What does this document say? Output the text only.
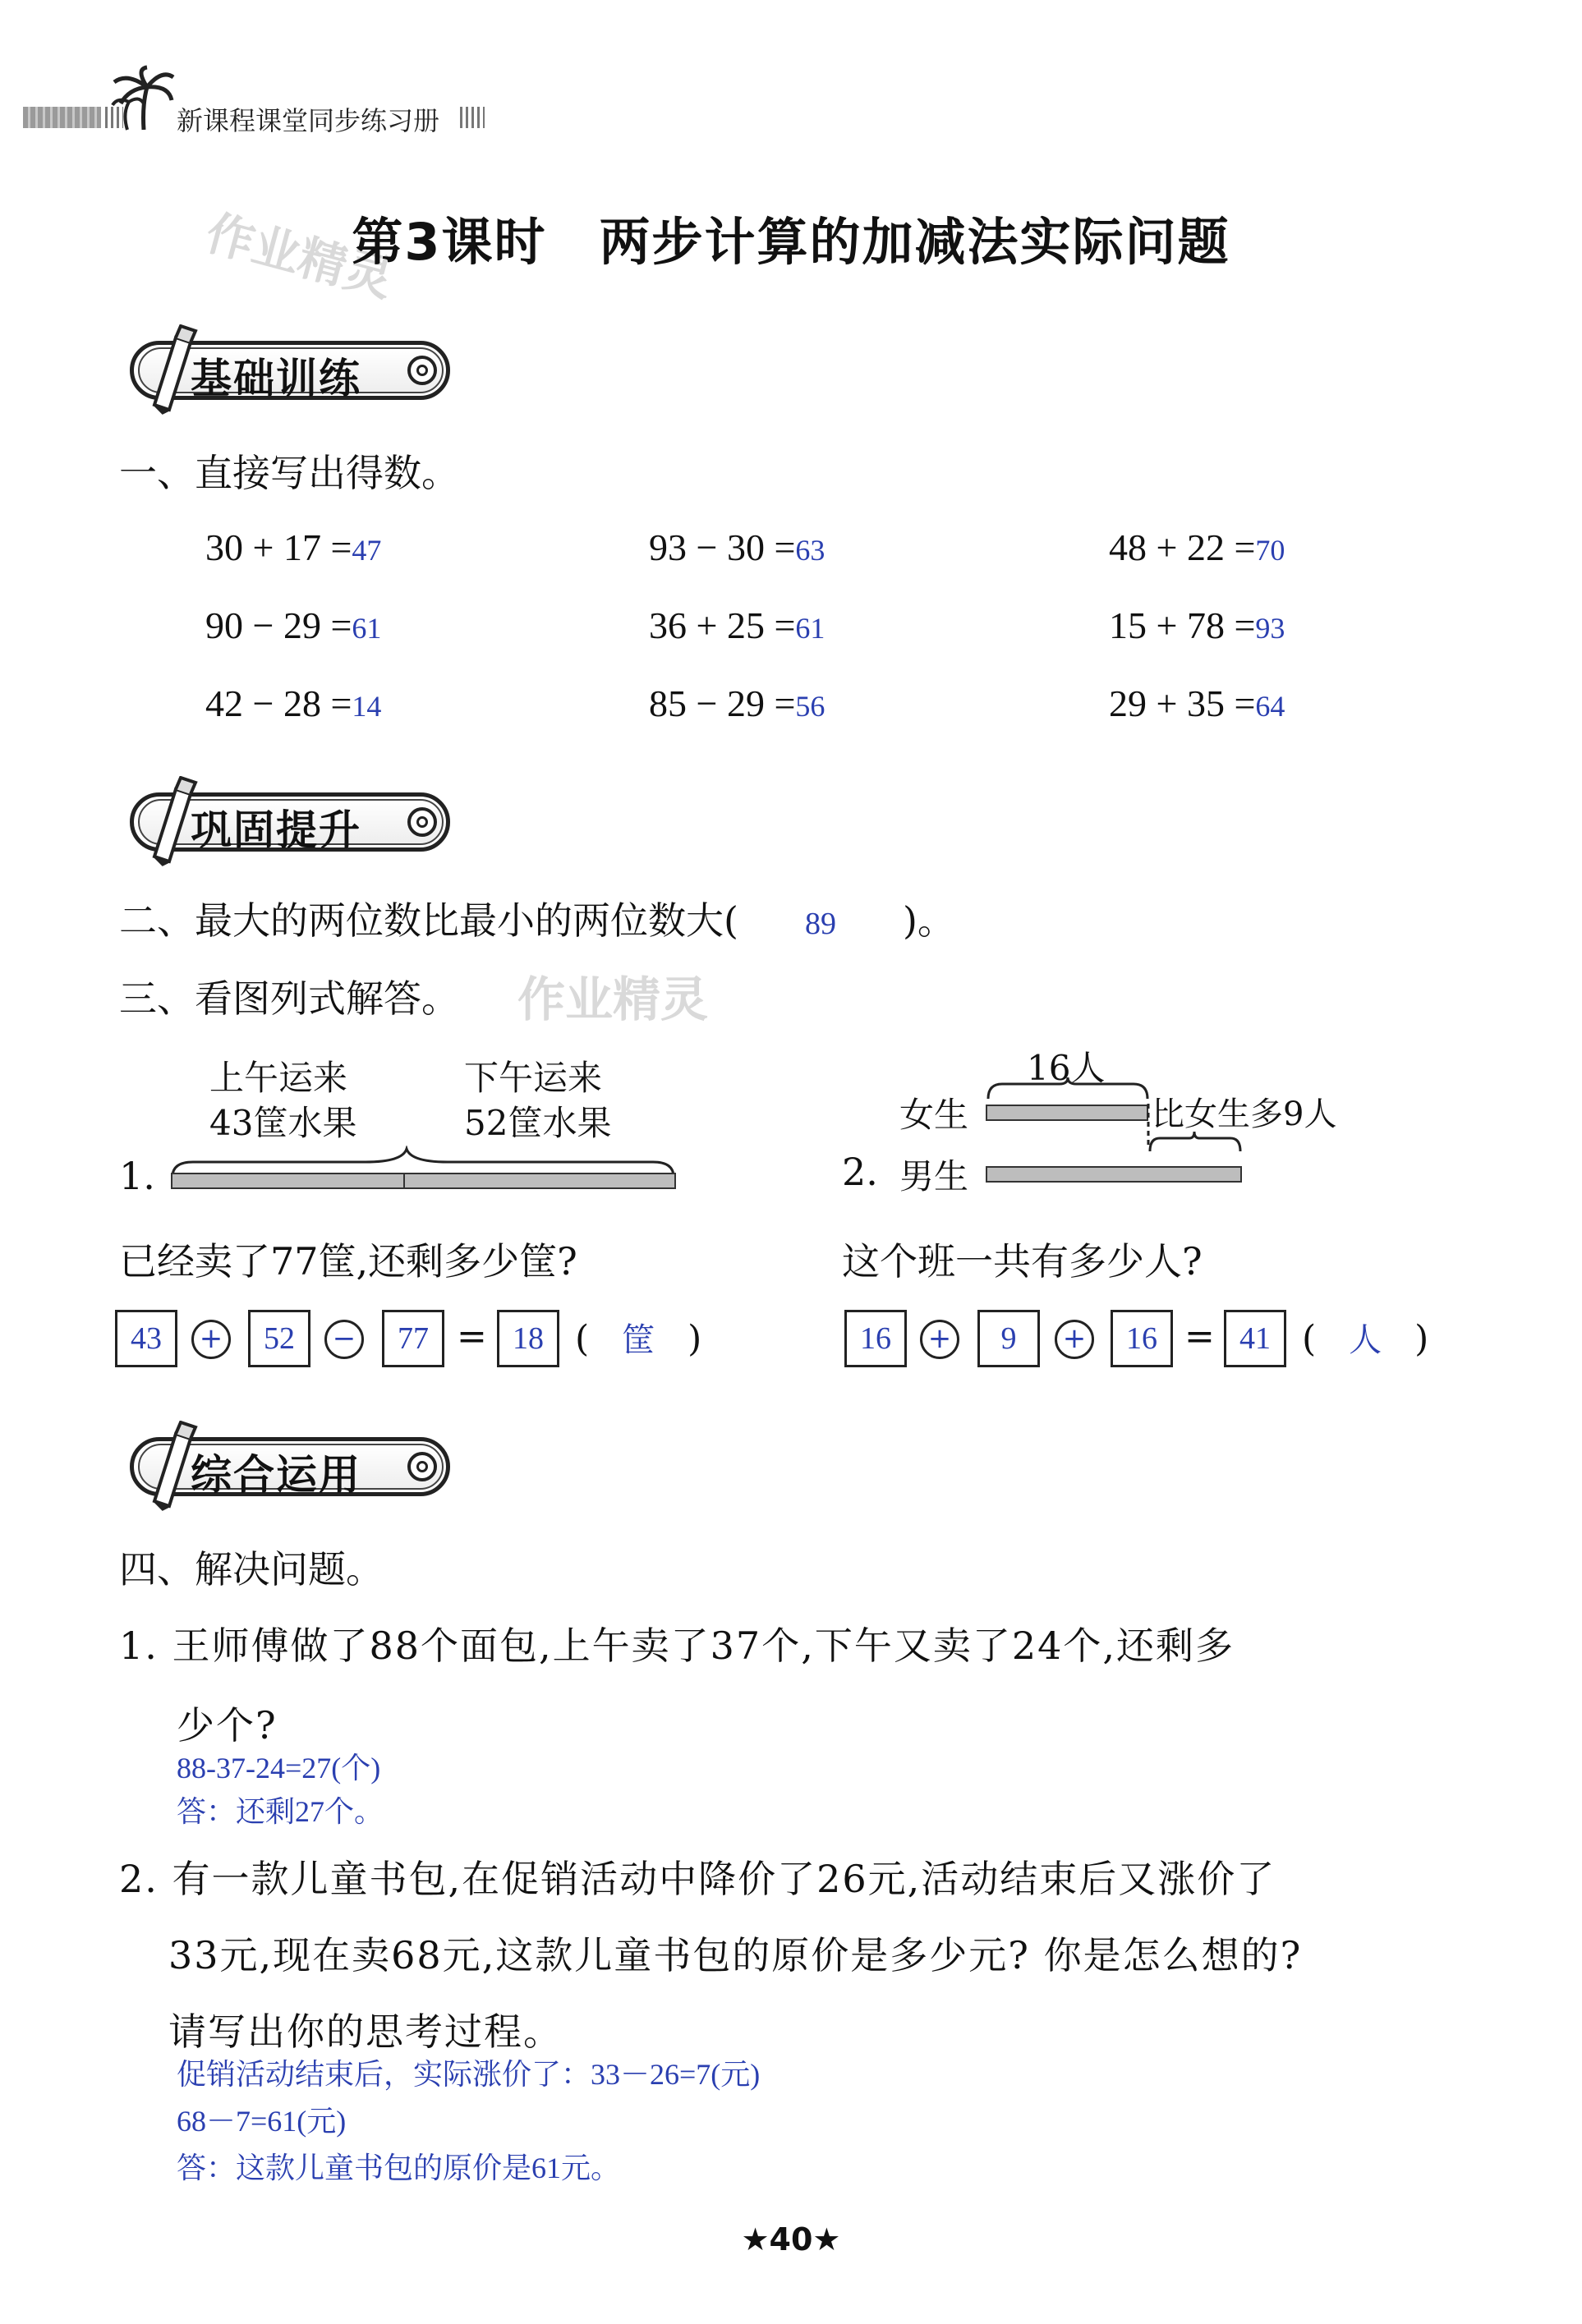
新课程课堂同步练习册
作业精灵
第3课时　两步计算的加减法实际问题
基础训练
一、直接写出得数。
30 + 17 =47	93 − 30 =63	48 + 22 =70
90 − 29 =61	36 + 25 =61	15 + 78 =93
42 − 28 =14	85 − 29 =56	29 + 35 =64
巩固提升
二、最大的两位数比最小的两位数大( 89 )。
三、看图列式解答。 作业精灵
上午运来
43筐水果
下午运来
52筐水果
1.
已经卖了77筐,还剩多少筐?
43	+	52	−	77 = 18 ( 筐 )
16人
女生	比女生多9人
2. 男生
这个班一共有多少人?
16	+	9	+	16 = 41 ( 人 )
综合运用
四、解决问题。
1. 王师傅做了88个面包,上午卖了37个,下午又卖了24个,还剩多
少个?
88-37-24=27(个)
答：还剩27个。
2. 有一款儿童书包,在促销活动中降价了26元,活动结束后又涨价了
33元,现在卖68元,这款儿童书包的原价是多少元? 你是怎么想的?
请写出你的思考过程。
促销活动结束后，实际涨价了：33－26=7(元)
68－7=61(元)
答：这款儿童书包的原价是61元。
★40★
